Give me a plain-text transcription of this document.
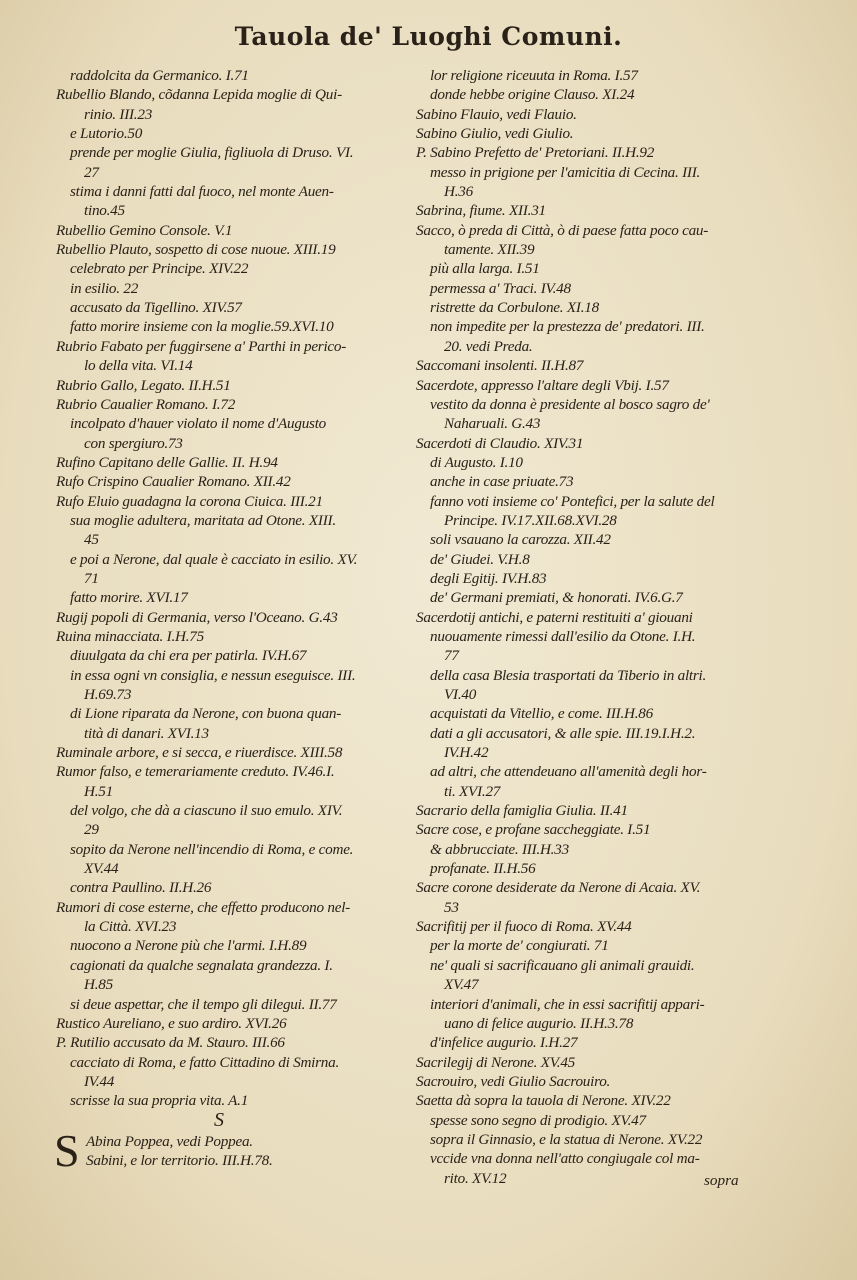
Tauola de' Luoghi Comuni.
raddolcita da Germanico. I.71
Rubellio Blando, cõdanna Lepida moglie di Qui-
rinio. III.23
e Lutorio.50
prende per moglie Giulia, figliuola di Druso. VI.
27
stima i danni fatti dal fuoco, nel monte Auen-
tino.45
Rubellio Gemino Console. V.1
Rubellio Plauto, sospetto di cose nuoue. XIII.19
celebrato per Principe. XIV.22
in esilio. 22
accusato da Tigellino. XIV.57
fatto morire insieme con la moglie.59.XVI.10
Rubrio Fabato per fuggirsene a' Parthi in perico-
lo della vita. VI.14
Rubrio Gallo, Legato. II.H.51
Rubrio Caualier Romano. I.72
incolpato d'hauer violato il nome d'Augusto
con spergiuro.73
Rufino Capitano delle Gallie. II. H.94
Rufo Crispino Caualier Romano. XII.42
Rufo Eluio guadagna la corona Ciuica. III.21
sua moglie adultera, maritata ad Otone. XIII.
45
e poi a Nerone, dal quale è cacciato in esilio. XV.
71
fatto morire. XVI.17
Rugij popoli di Germania, verso l'Oceano. G.43
Ruina minacciata. I.H.75
diuulgata da chi era per patirla. IV.H.67
in essa ogni vn consiglia, e nessun eseguisce. III.
H.69.73
di Lione riparata da Nerone, con buona quan-
tità di danari. XVI.13
Ruminale arbore, e si secca, e riuerdisce. XIII.58
Rumor falso, e temerariamente creduto. IV.46.I.
H.51
del volgo, che dà a ciascuno il suo emulo. XIV.
29
sopito da Nerone nell'incendio di Roma, e come.
XV.44
contra Paullino. II.H.26
Rumori di cose esterne, che effetto producono nel-
la Città. XVI.23
nuocono a Nerone più che l'armi. I.H.89
cagionati da qualche segnalata grandezza. I.
H.85
si deue aspettar, che il tempo gli dilegui. II.77
Rustico Aureliano, e suo ardiro. XVI.26
P. Rutilio accusato da M. Stauro. III.66
cacciato di Roma, e fatto Cittadino di Smirna.
IV.44
scrisse la sua propria vita. A.1
lor religione riceuuta in Roma. I.57
donde hebbe origine Clauso. XI.24
Sabino Flauio, vedi Flauio.
Sabino Giulio, vedi Giulio.
P. Sabino Prefetto de' Pretoriani. II.H.92
messo in prigione per l'amicitia di Cecina. III.
H.36
Sabrina, fiume. XII.31
Sacco, ò preda di Città, ò di paese fatta poco cau-
tamente. XII.39
più alla larga. I.51
permessa a' Traci. IV.48
ristrette da Corbulone. XI.18
non impedite per la prestezza de' predatori. III.
20. vedi Preda.
Saccomani insolenti. II.H.87
Sacerdote, appresso l'altare degli Vbij. I.57
vestito da donna è presidente al bosco sagro de'
Naharuali. G.43
Sacerdoti di Claudio. XIV.31
di Augusto. I.10
anche in case priuate.73
fanno voti insieme co' Pontefici, per la salute del
Principe. IV.17.XII.68.XVI.28
soli vsauano la carozza. XII.42
de' Giudei. V.H.8
degli Egitij. IV.H.83
de' Germani premiati, & honorati. IV.6.G.7
Sacerdotij antichi, e paterni restituiti a' giouani
nuouamente rimessi dall'esilio da Otone. I.H.
77
della casa Blesia trasportati da Tiberio in altri.
VI.40
acquistati da Vitellio, e come. III.H.86
dati a gli accusatori, & alle spie. III.19.I.H.2.
IV.H.42
ad altri, che attendeuano all'amenità degli hor-
ti. XVI.27
Sacrario della famiglia Giulia. II.41
Sacre cose, e profane saccheggiate. I.51
& abbrucciate. III.H.33
profanate. II.H.56
Sacre corone desiderate da Nerone di Acaia. XV.
53
Sacrifitij per il fuoco di Roma. XV.44
per la morte de' congiurati. 71
ne' quali si sacrificauano gli animali grauidi.
XV.47
interiori d'animali, che in essi sacrifitij appari-
uano di felice augurio. II.H.3.78
d'infelice augurio. I.H.27
Sacrilegij di Nerone. XV.45
Sacrouiro, vedi Giulio Sacrouiro.
Saetta dà sopra la tauola di Nerone. XIV.22
spesse sono segno di prodigio. XV.47
sopra il Ginnasio, e la statua di Nerone. XV.22
vccide vna donna nell'atto congiugale col ma-
rito. XV.12
S
S Abina Poppea, vedi Poppea.
Sabini, e lor territorio. III.H.78.
sopra
